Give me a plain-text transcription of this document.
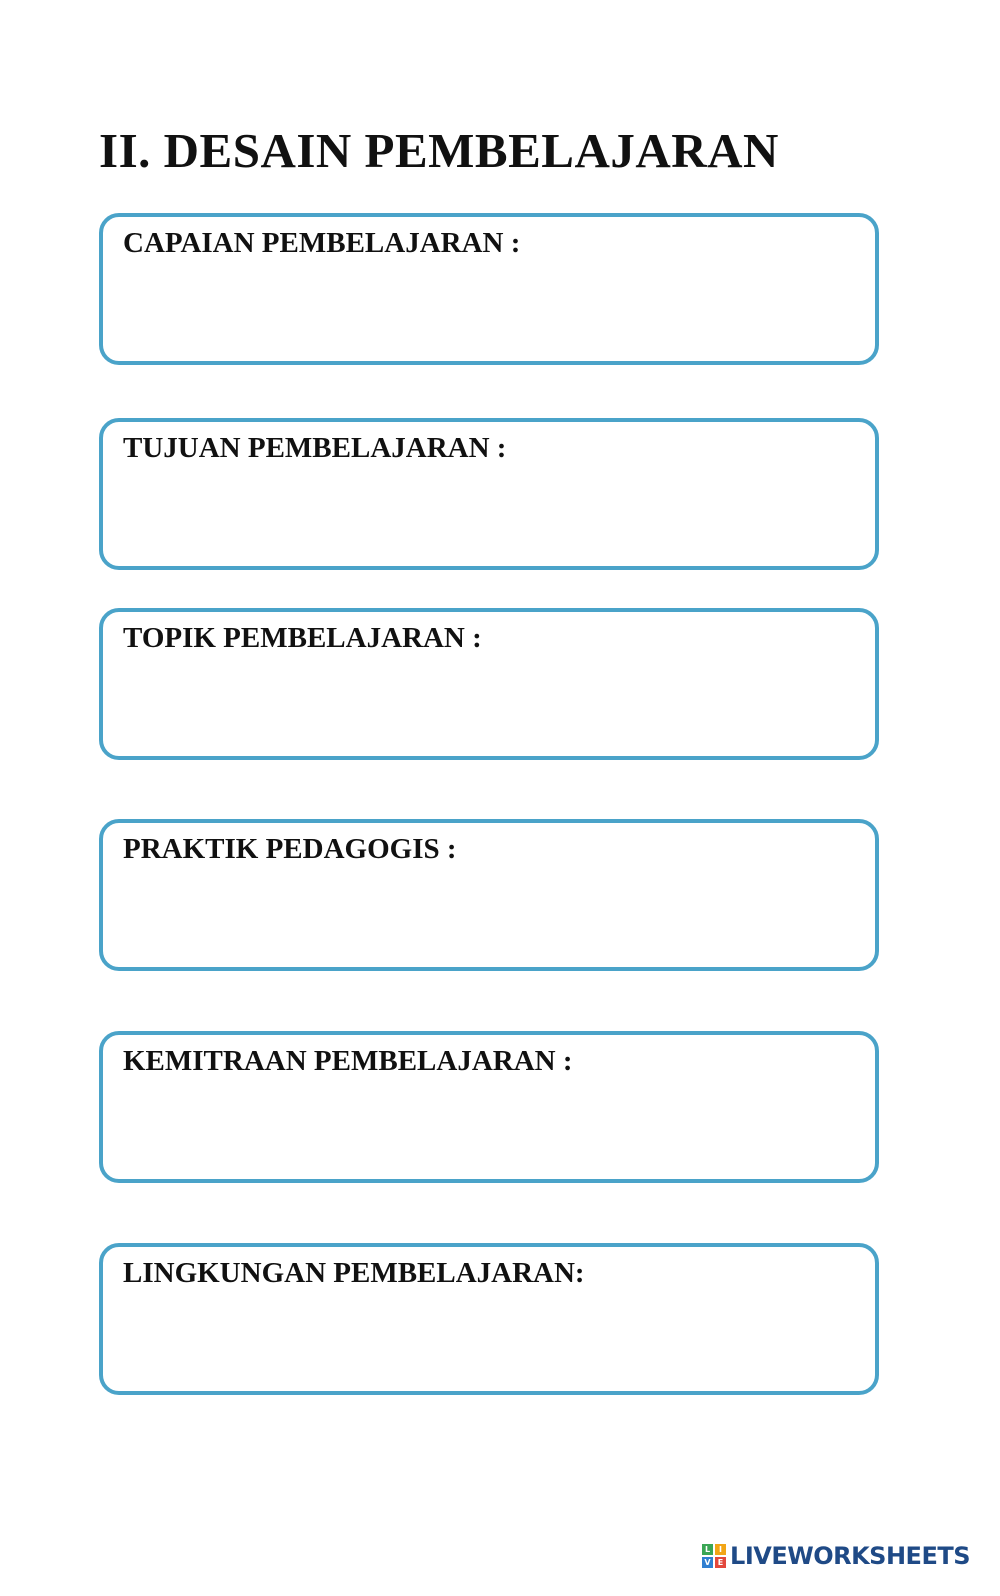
II. DESAIN PEMBELAJARAN
CAPAIAN PEMBELAJARAN :
TUJUAN PEMBELAJARAN :
TOPIK PEMBELAJARAN :
PRAKTIK PEDAGOGIS :
KEMITRAAN PEMBELAJARAN :
LINGKUNGAN PEMBELAJARAN:
L	I
V E LIVEWORKSHEETS
